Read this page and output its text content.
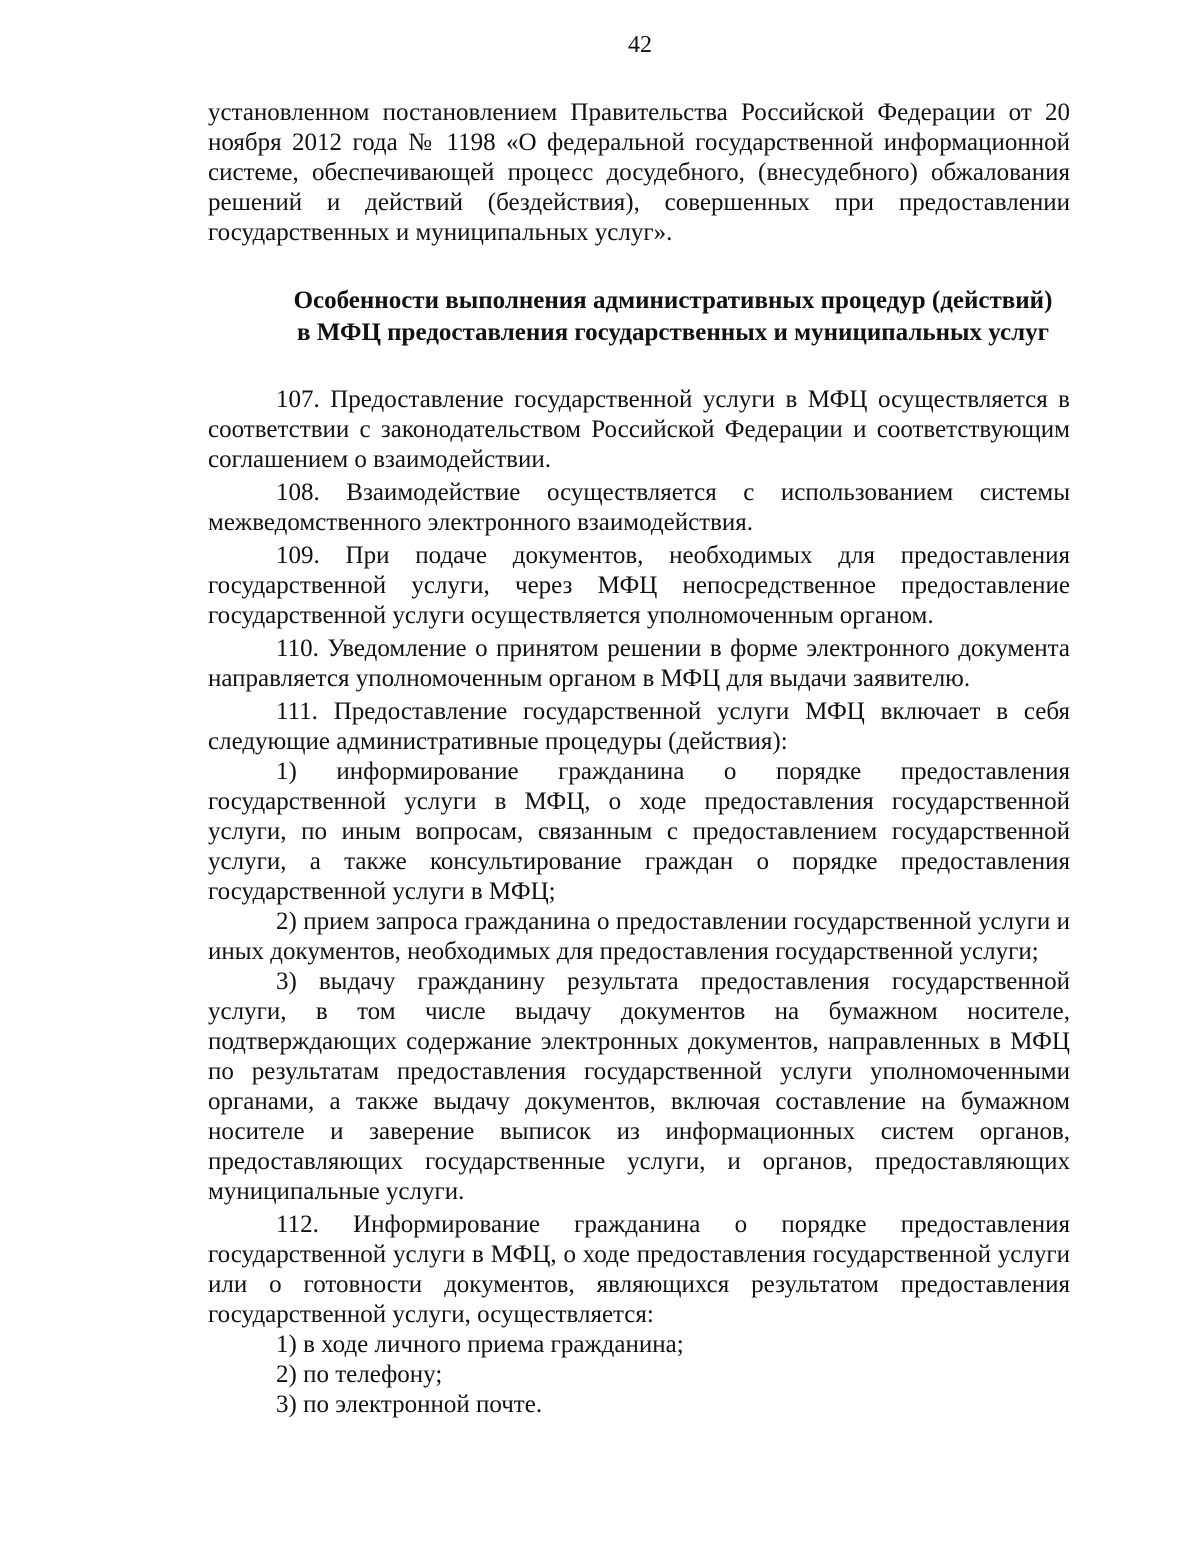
42

установленном постановлением Правительства Российской Федерации от 20 ноября 2012 года № 1198 «О федеральной государственной информационной системе, обеспечивающей процесс досудебного, (внесудебного) обжалования решений и действий (бездействия), совершенных при предоставлении государственных и муниципальных услуг».

Особенности выполнения административных процедур (действий)
в МФЦ предоставления государственных и муниципальных услуг

107. Предоставление государственной услуги в МФЦ осуществляется в соответствии с законодательством Российской Федерации и соответствующим соглашением о взаимодействии.

108. Взаимодействие осуществляется с использованием системы межведомственного электронного взаимодействия.

109. При подаче документов, необходимых для предоставления государственной услуги, через МФЦ непосредственное предоставление государственной услуги осуществляется уполномоченным органом.

110. Уведомление о принятом решении в форме электронного документа направляется уполномоченным органом в МФЦ для выдачи заявителю.

111. Предоставление государственной услуги МФЦ включает в себя следующие административные процедуры (действия):

1) информирование гражданина о порядке предоставления государственной услуги в МФЦ, о ходе предоставления государственной услуги, по иным вопросам, связанным с предоставлением государственной услуги, а также консультирование граждан о порядке предоставления государственной услуги в МФЦ;

2) прием запроса гражданина о предоставлении государственной услуги и иных документов, необходимых для предоставления государственной услуги;

3) выдачу гражданину результата предоставления государственной услуги, в том числе выдачу документов на бумажном носителе, подтверждающих содержание электронных документов, направленных в МФЦ по результатам предоставления государственной услуги уполномоченными органами, а также выдачу документов, включая составление на бумажном носителе и заверение выписок из информационных систем органов, предоставляющих государственные услуги, и органов, предоставляющих муниципальные услуги.

112. Информирование гражданина о порядке предоставления государственной услуги в МФЦ, о ходе предоставления государственной услуги или о готовности документов, являющихся результатом предоставления государственной услуги, осуществляется:

1) в ходе личного приема гражданина;

2) по телефону;

3) по электронной почте.
